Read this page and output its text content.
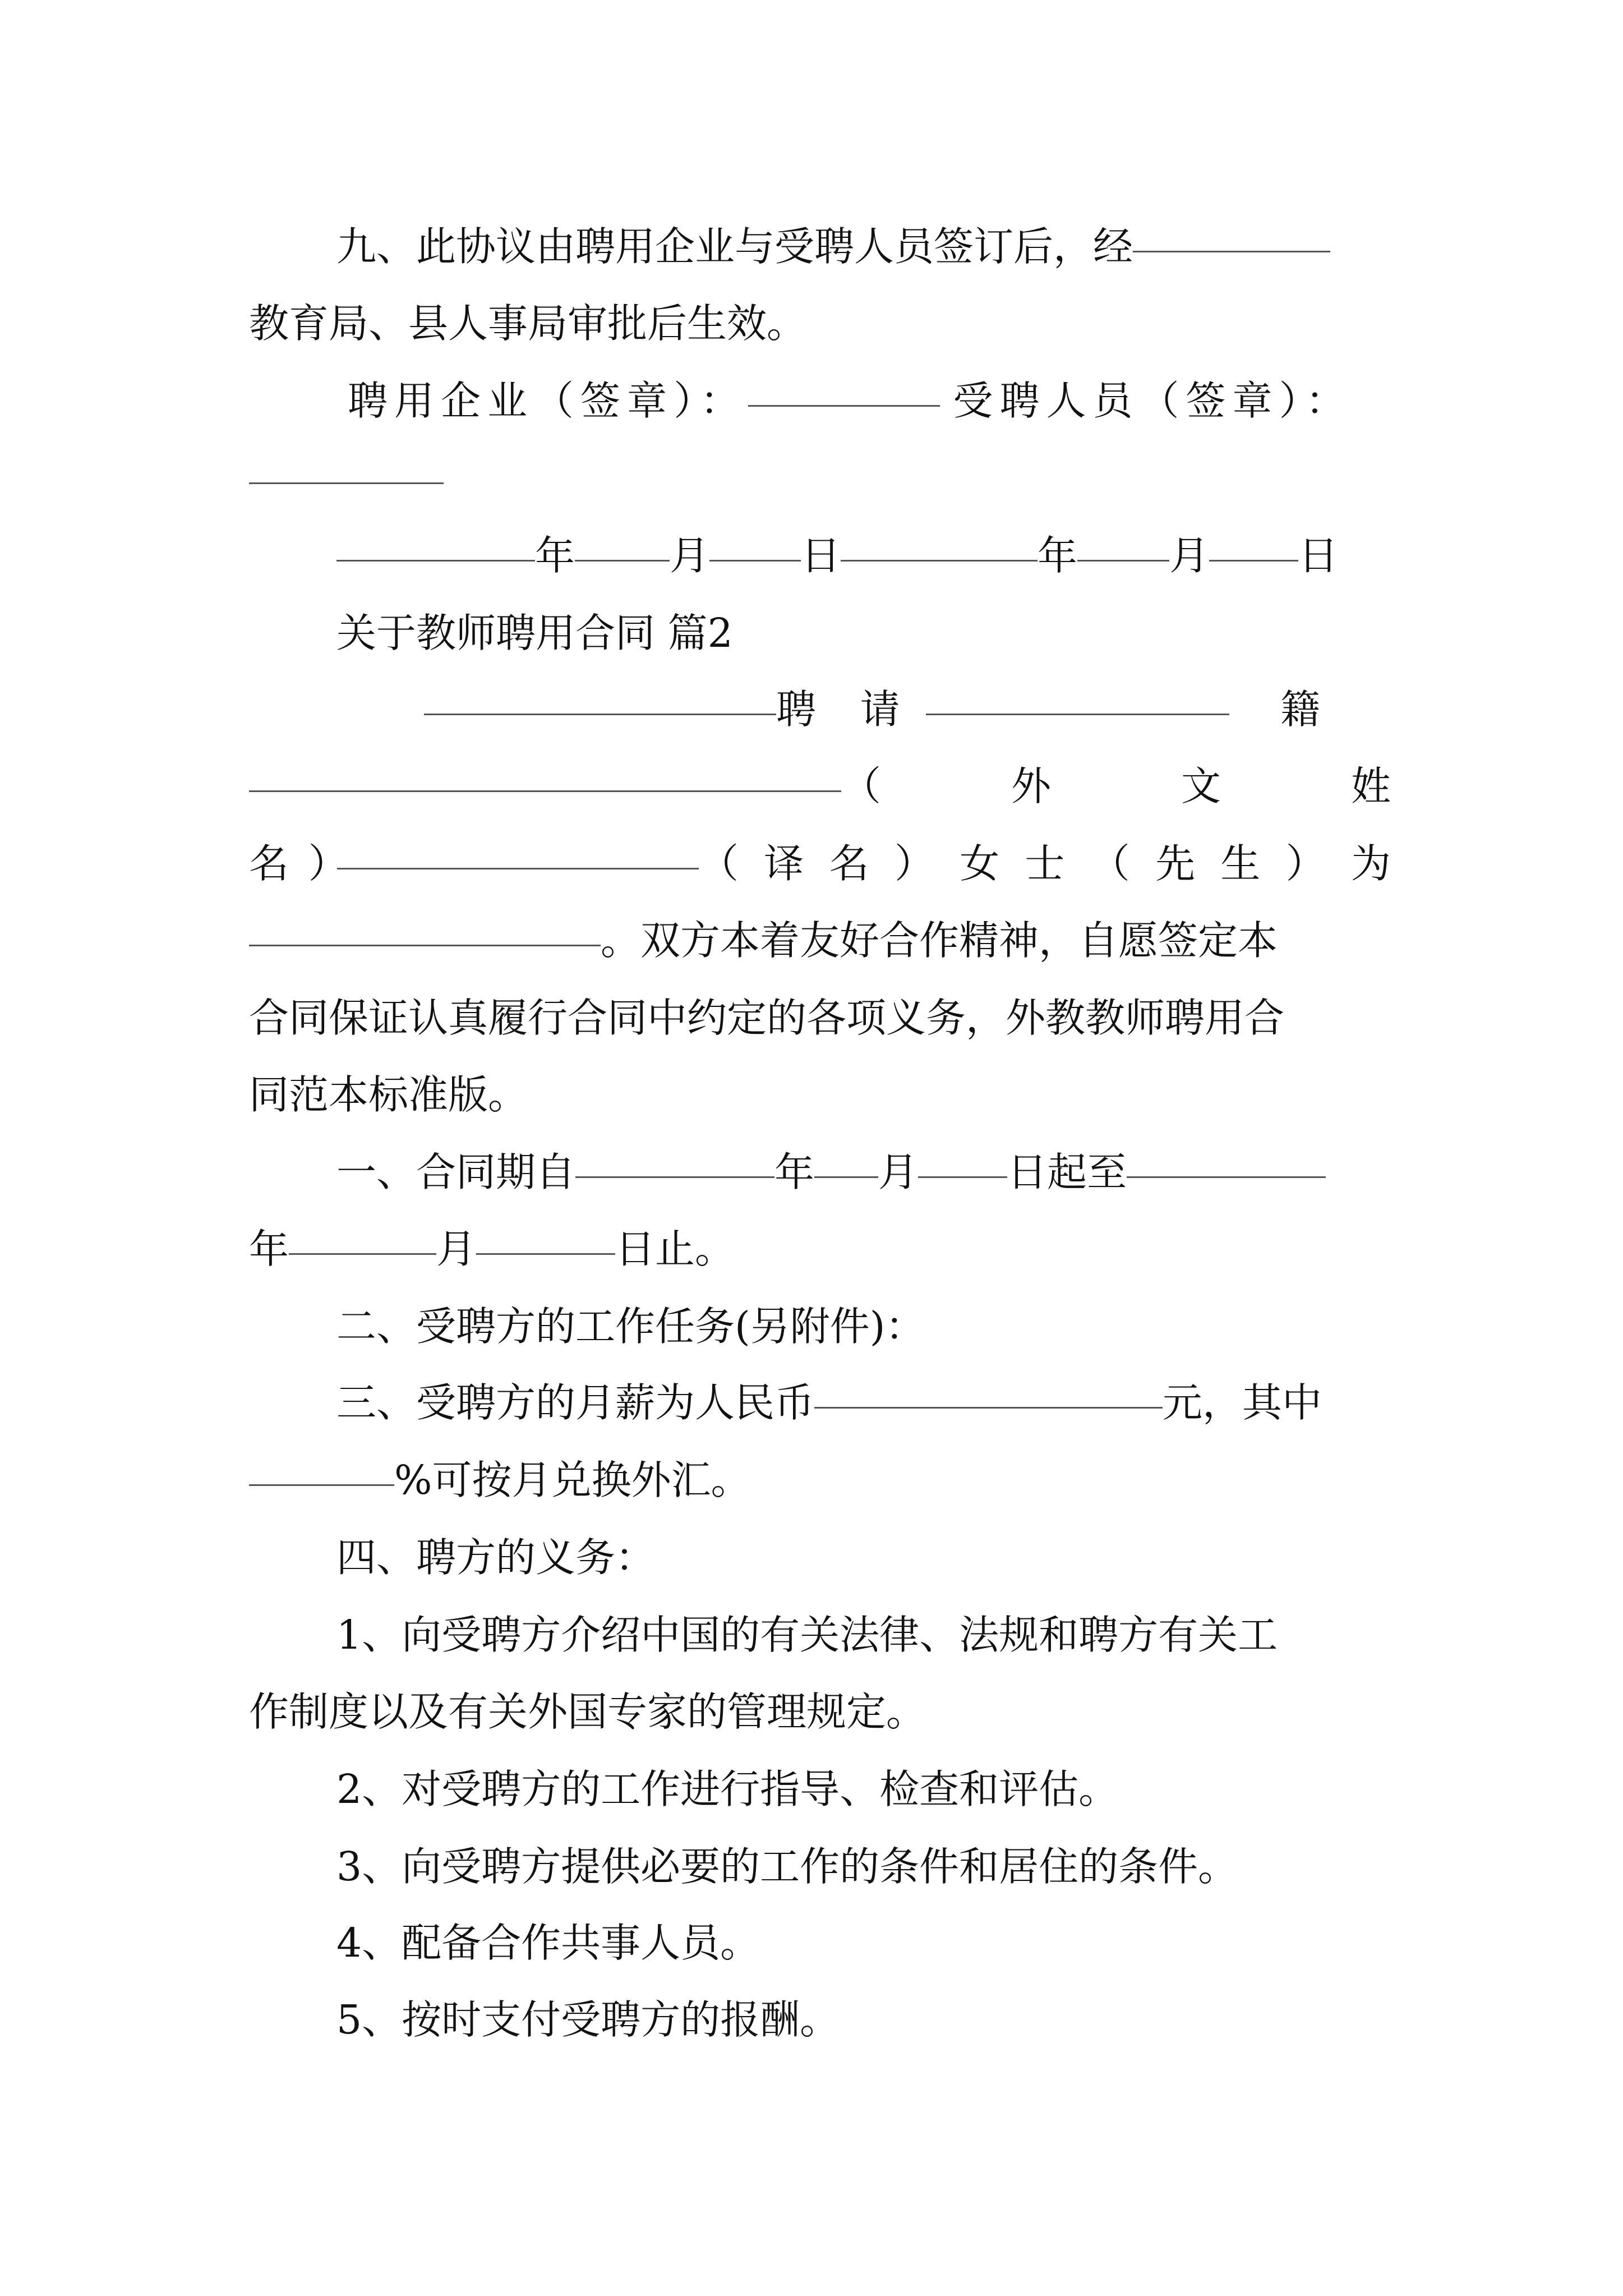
九、此协议由聘用企业与受聘人员签订后，经
教育局、县人事局审批后生效。
聘用企业（签章）：	受聘人员（签章）：
年 月 日	年 月 日
关于教师聘用合同 篇2
聘 请	籍
（	外	文	姓
名 ）	（ 译 名 ） 女 士 （ 先 生 ） 为
。双方本着友好合作精神，自愿签定本
合同保证认真履行合同中约定的各项义务，外教教师聘用合
同范本标准版。
一、合同期自	年 月 日起至
年	月	日止。
二、受聘方的工作任务(另附件)：
三、受聘方的月薪为人民币	元，其中
%可按月兑换外汇。
四、聘方的义务：
1、向受聘方介绍中国的有关法律、法规和聘方有关工
作制度以及有关外国专家的管理规定。
2、对受聘方的工作进行指导、检查和评估。
3、向受聘方提供必要的工作的条件和居住的条件。
4、配备合作共事人员。
5、按时支付受聘方的报酬。
